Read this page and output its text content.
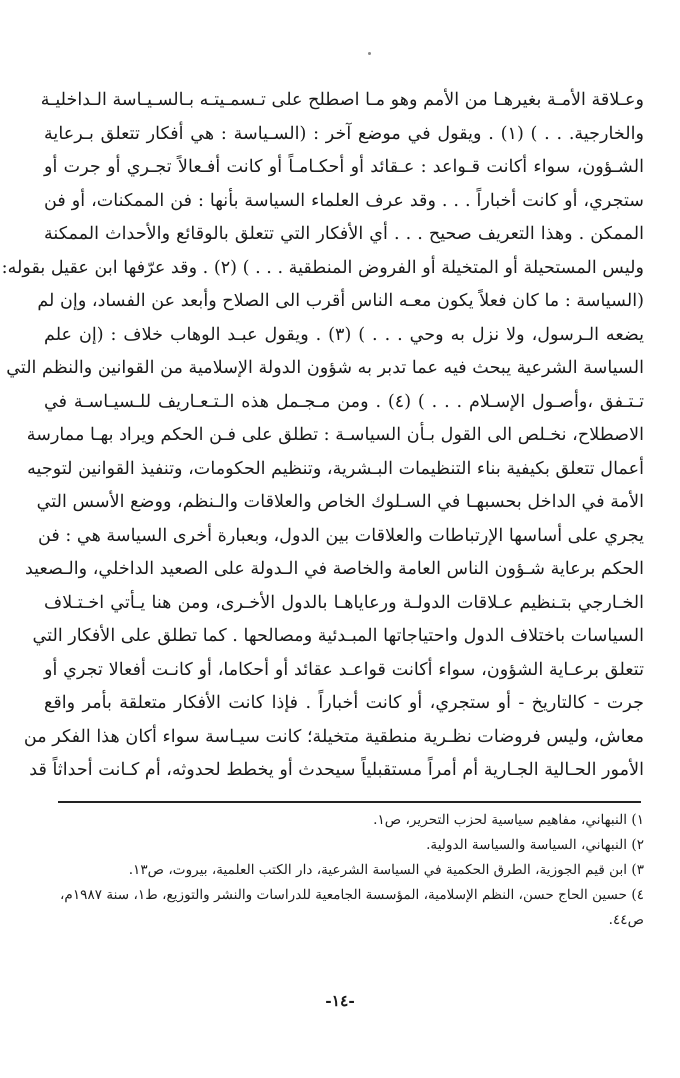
وعـلاقة الأمـة بغيرهـا من الأمم وهو مـا اصطلح على تـسمـيتـه بـالسـيـاسة الـداخليـة
والخارجية. . . ) (١) . ويقول في موضع آخر : (السـياسة : هي أفكار تتعلق بـرعاية
الشـؤون، سواء أكانت قـواعد : عـقائد أو أحكـامـاً أو كانت أفـعالاً تجـري أو جرت أو
ستجري، أو كانت أخباراً . . . وقد عرف العلماء السياسة بأنها : فن الممكنات، أو فن
الممكن . وهذا التعريف صحيح . . . أي الأفكار التي تتعلق بالوقائع والأحداث الممكنة
وليس المستحيلة أو المتخيلة أو الفروض المنطقية . . . ) (٢) . وقد عرّفها ابن عقيل بقوله:
(السياسة : ما كان فعلاً يكون معـه الناس أقرب الى الصلاح وأبعد عن الفساد، وإن لم
يضعه الـرسول، ولا نزل به وحي . . . ) (٣) . ويقول عبـد الوهاب خلاف : (إن علم
السياسة الشرعية يبحث فيه عما تدبر به شؤون الدولة الإسلامية من القوانين والنظم التي
تـتـفق ،وأصـول الإسـلام . . . ) (٤) . ومن مـجـمل هذه الـتـعـاريف للـسيـاسـة في
الاصطلاح، نخـلص الى القول بـأن السياسـة : تطلق على فـن الحكم ويراد بهـا ممارسة
أعمال تتعلق بكيفية بناء التنظيمات البـشرية، وتنظيم الحكومات، وتنفيذ القوانين لتوجيه
الأمة في الداخل بحسبهـا في السـلوك الخاص والعلاقات والـنظم، ووضع الأسس التي
يجري على أساسها الإرتباطات والعلاقات بين الدول، وبعبارة أخرى السياسة هي : فن
الحكم برعاية شـؤون الناس العامة والخاصة في الـدولة على الصعيد الداخلي، والـصعيد
الخـارجي بتـنظيم عـلاقات الدولـة ورعاياهـا بالدول الأخـرى، ومن هنا يـأتي اخـتـلاف
السياسات باختلاف الدول واحتياجاتها المبـدئية ومصالحها . كما تطلق على الأفكار التي
تتعلق برعـاية الشؤون، سواء أكانت قواعـد عقائد أو أحكاما، أو كانـت أفعالا تجري أو
جرت - كالتاريخ - أو ستجري، أو كانت أخباراً . فإذا كانت الأفكار متعلقة بأمر واقع
معاش، وليس فروضات نظـرية منطقية متخيلة؛ كانت سيـاسة سواء أكان هذا الفكر من
الأمور الحـالية الجـارية أم أمراً مستقبلياً سيحدث أو يخطط لحدوثه، أم كـانت أحداثاً قد
١) النبهاني، مفاهيم سياسية لحزب التحرير، ص١.
٢) النبهاني، السياسة والسياسة الدولية.
٣) ابن قيم الجوزية، الطرق الحكمية في السياسة الشرعية، دار الكتب العلمية، بيروت، ص١٣.
٤) حسين الحاج حسن، النظم الإسلامية، المؤسسة الجامعية للدراسات والنشر والتوزيع، ط١، سنة ١٩٨٧م،
ص٤٤.
-١٤-
